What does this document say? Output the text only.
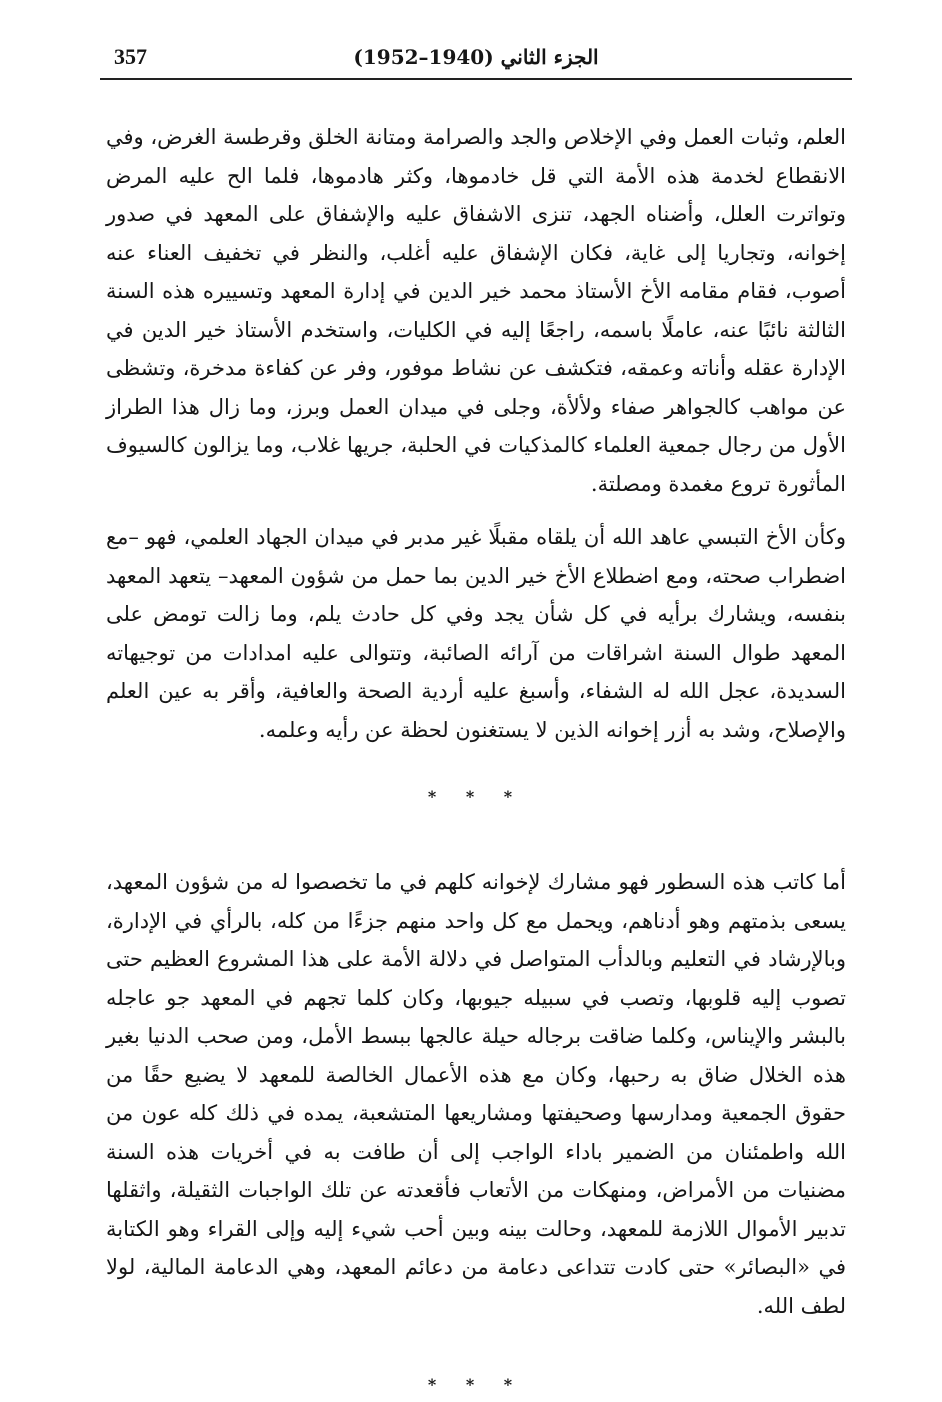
357	الجزء الثاني (1940–1952)

العلم، وثبات العمل وفي الإخلاص والجد والصرامة ومتانة الخلق وقرطسة الغرض، وفي الانقطاع لخدمة هذه الأمة التي قل خادموها، وكثر هادموها، فلما الح عليه المرض وتواترت العلل، وأضناه الجهد، تنزى الاشفاق عليه والإشفاق على المعهد في صدور إخوانه، وتجاريا إلى غاية، فكان الإشفاق عليه أغلب، والنظر في تخفيف العناء عنه أصوب، فقام مقامه الأخ الأستاذ محمد خير الدين في إدارة المعهد وتسييره هذه السنة الثالثة نائبًا عنه، عاملًا باسمه، راجعًا إليه في الكليات، واستخدم الأستاذ خير الدين في الإدارة عقله وأناته وعمقه، فتكشف عن نشاط موفور، وفر عن كفاءة مدخرة، وتشظى عن مواهب كالجواهر صفاء ولألأة، وجلى في ميدان العمل وبرز، وما زال هذا الطراز الأول من رجال جمعية العلماء كالمذكيات في الحلبة، جريها غلاب، وما يزالون كالسيوف المأثورة تروع مغمدة ومصلتة.

وكأن الأخ التبسي عاهد الله أن يلقاه مقبلًا غير مدبر في ميدان الجهاد العلمي، فهو –مع اضطراب صحته، ومع اضطلاع الأخ خير الدين بما حمل من شؤون المعهد– يتعهد المعهد بنفسه، ويشارك برأيه في كل شأن يجد وفي كل حادث يلم، وما زالت تومض على المعهد طوال السنة اشراقات من آرائه الصائبة، وتتوالى عليه امدادات من توجيهاته السديدة، عجل الله له الشفاء، وأسبغ عليه أردية الصحة والعافية، وأقر به عين العلم والإصلاح، وشد به أزر إخوانه الذين لا يستغنون لحظة عن رأيه وعلمه.

* * *

أما كاتب هذه السطور فهو مشارك لإخوانه كلهم في ما تخصصوا له من شؤون المعهد، يسعى بذمتهم وهو أدناهم، ويحمل مع كل واحد منهم جزءًا من كله، بالرأي في الإدارة، وبالإرشاد في التعليم وبالدأب المتواصل في دلالة الأمة على هذا المشروع العظيم حتى تصوب إليه قلوبها، وتصب في سبيله جيوبها، وكان كلما تجهم في المعهد جو عاجله بالبشر والإيناس، وكلما ضاقت برجاله حيلة عالجها ببسط الأمل، ومن صحب الدنيا بغير هذه الخلال ضاق به رحبها، وكان مع هذه الأعمال الخالصة للمعهد لا يضيع حقًا من حقوق الجمعية ومدارسها وصحيفتها ومشاريعها المتشعبة، يمده في ذلك كله عون من الله واطمئنان من الضمير باداء الواجب إلى أن طافت به في أخريات هذه السنة مضنيات من الأمراض، ومنهكات من الأتعاب فأقعدته عن تلك الواجبات الثقيلة، واثقلها تدبير الأموال اللازمة للمعهد، وحالت بينه وبين أحب شيء إليه وإلى القراء وهو الكتابة في «البصائر» حتى كادت تتداعى دعامة من دعائم المعهد، وهي الدعامة المالية، لولا لطف الله.

* * *
